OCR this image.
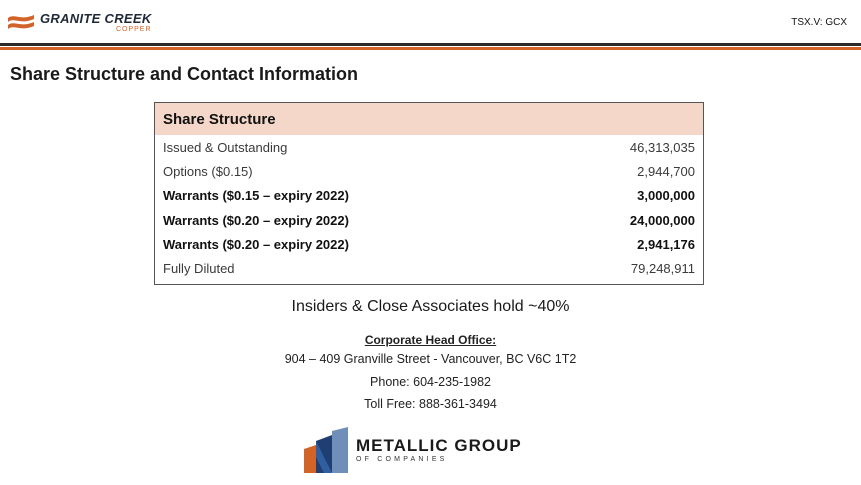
GRANITE CREEK
COPPER
TSX.V: GCX
Share Structure and Contact Information
Share Structure
Issued & Outstanding	46,313,035
Options ($0.15)	2,944,700
Warrants ($0.15 – expiry 2022)	3,000,000
Warrants ($0.20 – expiry 2022)	24,000,000
Warrants ($0.20 – expiry 2022)	2,941,176
Fully Diluted	79,248,911
Insiders & Close Associates hold ~40%
Corporate Head Office:
904 – 409 Granville Street - Vancouver, BC V6C 1T2
Phone: 604-235-1982
Toll Free: 888-361-3494
METALLIC GROUP
OF COMPANIES
